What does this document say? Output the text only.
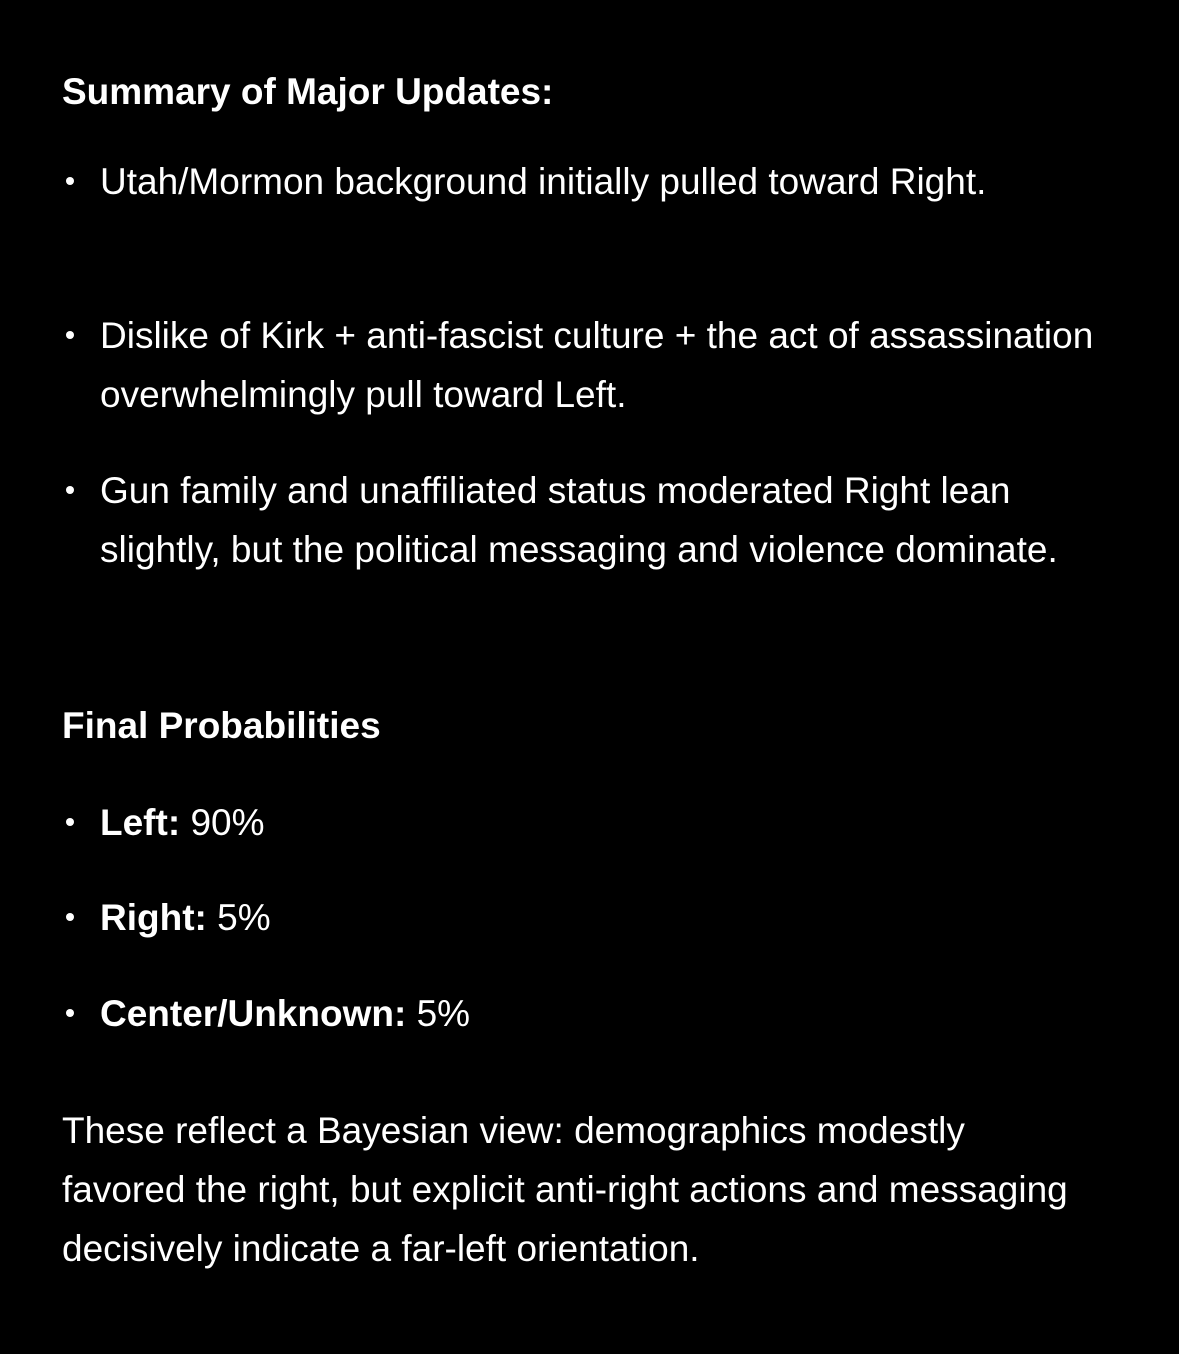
Summary of Major Updates:
Utah/Mormon background initially pulled toward Right.
Dislike of Kirk + anti-fascist culture + the act of assassination overwhelmingly pull toward Left.
Gun family and unaffiliated status moderated Right lean slightly, but the political messaging and violence dominate.
Final Probabilities
Left: 90%
Right: 5%
Center/Unknown: 5%

These reflect a Bayesian view: demographics modestly favored the right, but explicit anti-right actions and messaging decisively indicate a far-left orientation.
